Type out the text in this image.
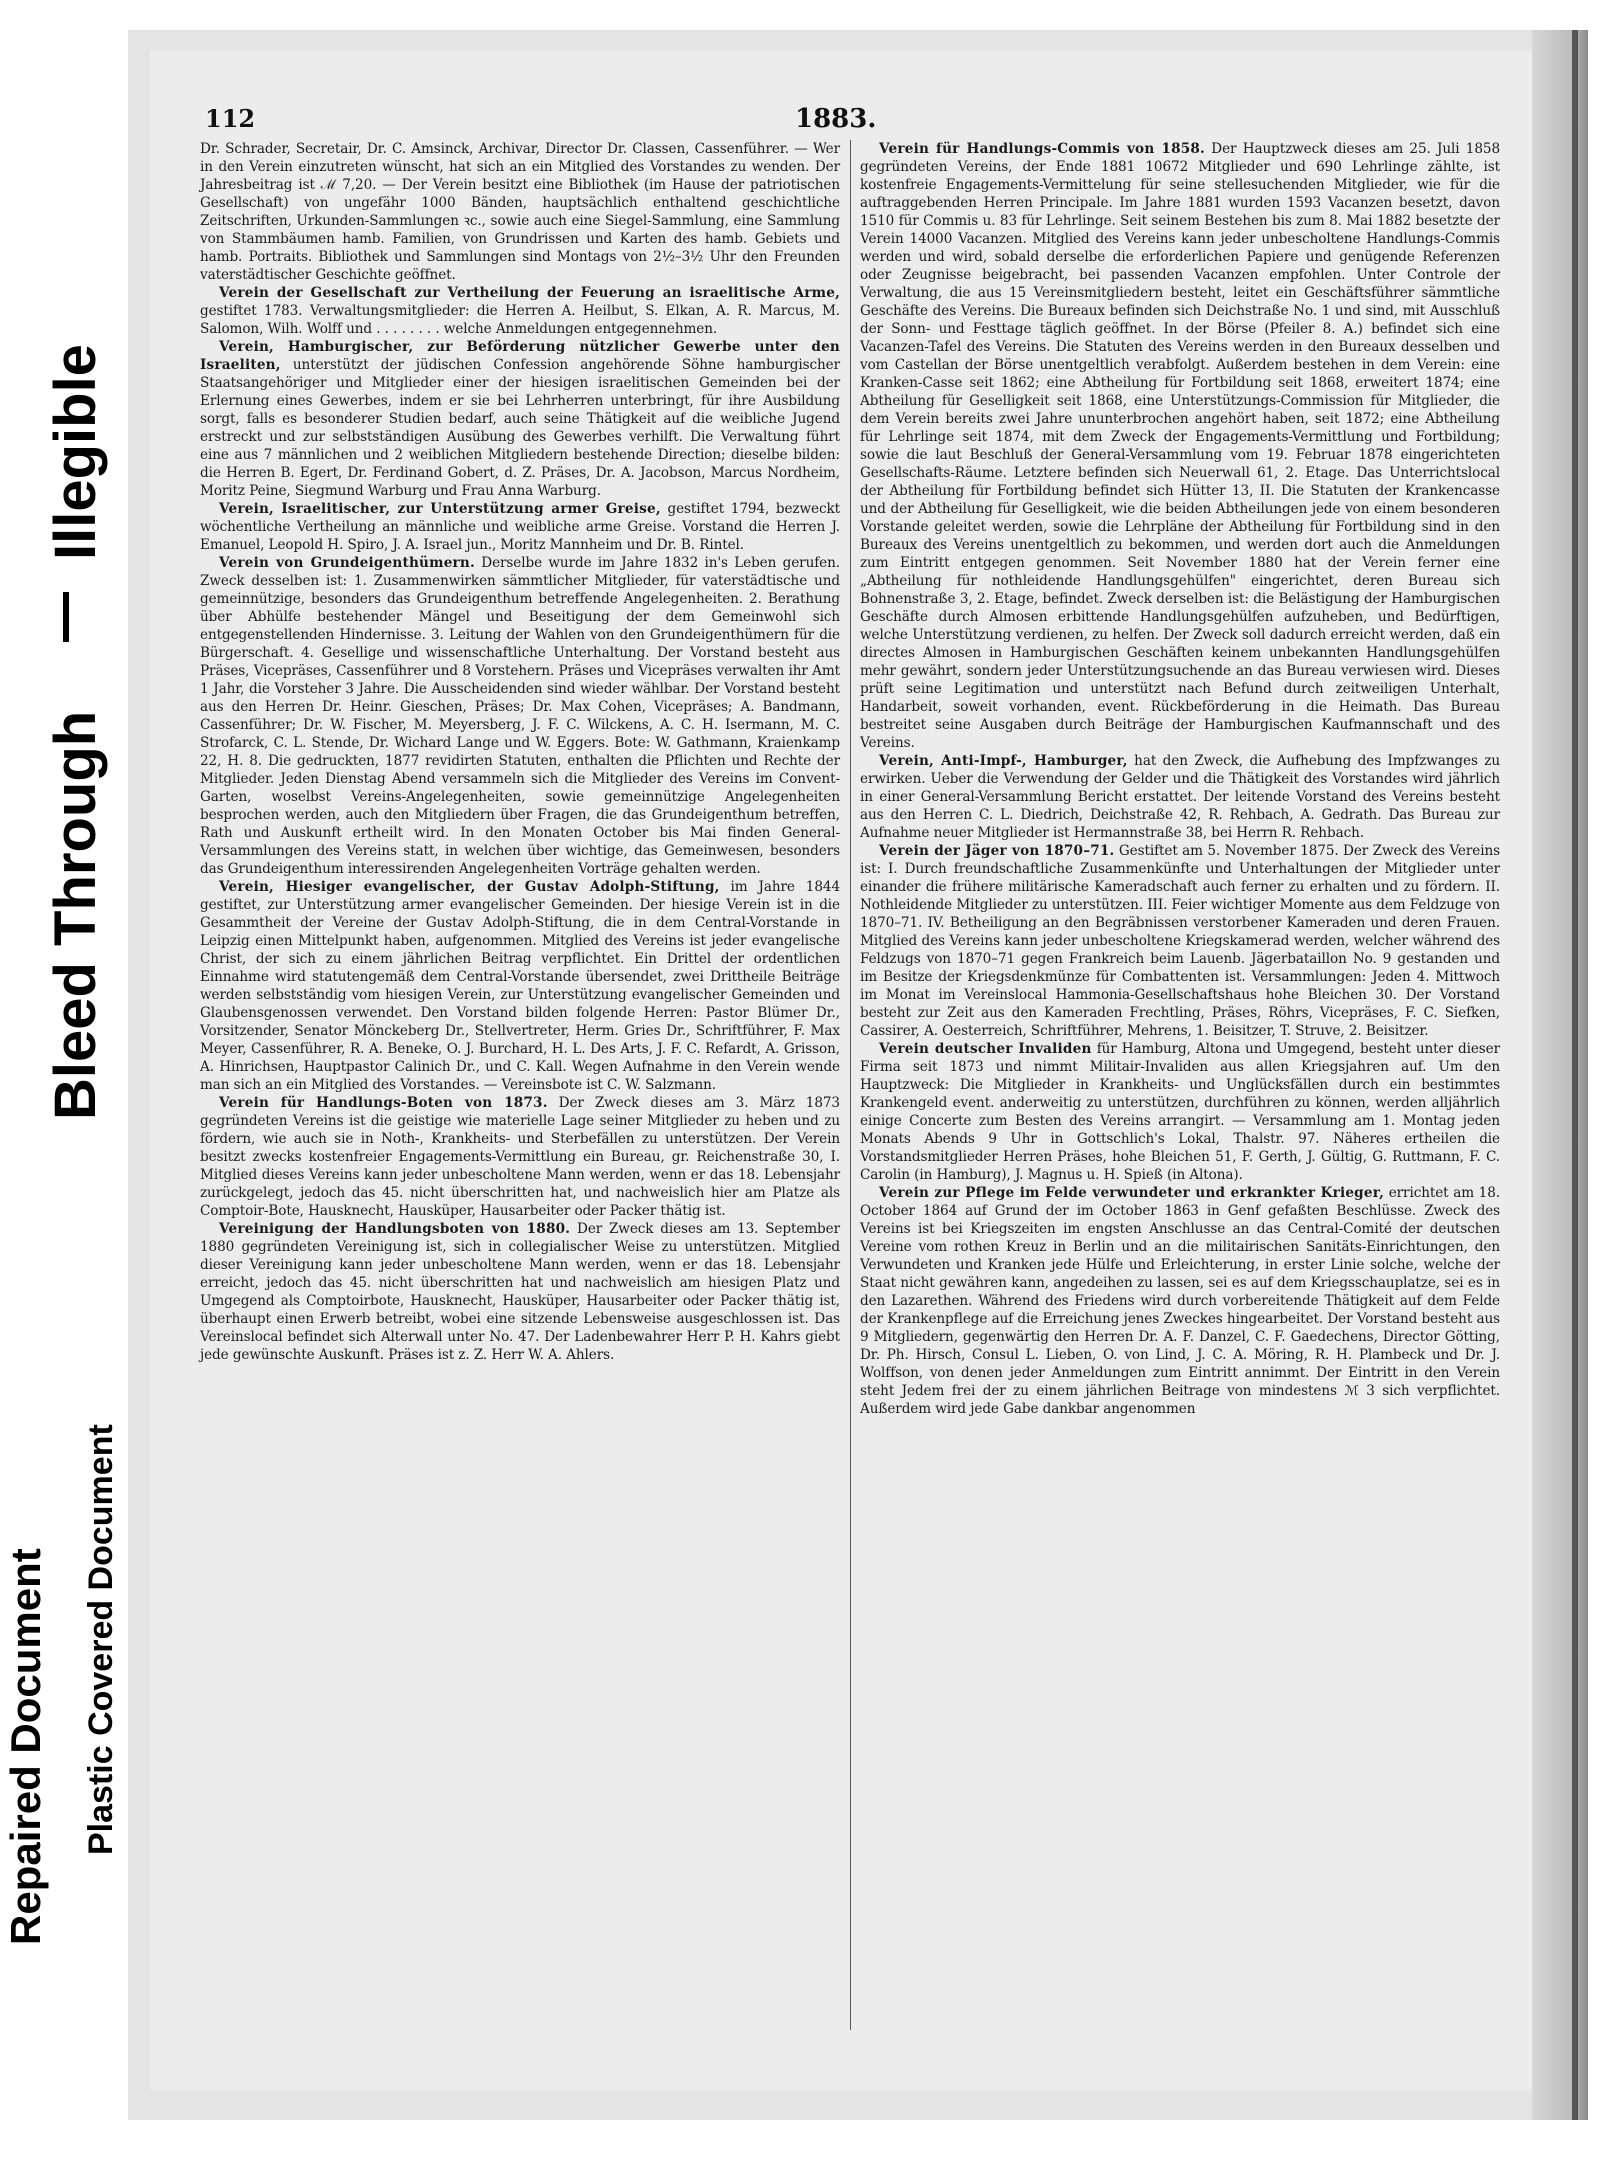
Illegible
Bleed Through
Repaired Document Plastic Covered Document
112	1883.

Dr. Schrader, Secretair, Dr. C. Amsinck, Archivar, Director Dr. Classen, Cassenführer. — Wer in den Verein einzutreten wünscht, hat sich an ein Mitglied des Vorstandes zu wenden. Der Jahresbeitrag ist ℳ 7,20. — Der Verein besitzt eine Bibliothek (im Hause der patriotischen Gesellschaft) von ungefähr 1000 Bänden, hauptsächlich enthaltend geschichtliche Zeitschriften, Urkunden-Sammlungen ꝛc., sowie auch eine Siegel-Sammlung, eine Sammlung von Stammbäumen hamb. Familien, von Grundrissen und Karten des hamb. Gebiets und hamb. Portraits. Bibliothek und Sammlungen sind Montags von 2½–3½ Uhr den Freunden vaterstädtischer Geschichte geöffnet.

Verein der Gesellschaft zur Vertheilung der Feuerung an israelitische Arme, gestiftet 1783. Verwaltungsmitglieder: die Herren A. Heilbut, S. Elkan, A. R. Marcus, M. Salomon, Wilh. Wolff und . . . . . . . . welche Anmeldungen entgegennehmen.

Verein, Hamburgischer, zur Beförderung nützlicher Gewerbe unter den Israeliten, unterstützt der jüdischen Confession angehörende Söhne hamburgischer Staatsangehöriger und Mitglieder einer der hiesigen israelitischen Gemeinden bei der Erlernung eines Gewerbes, indem er sie bei Lehrherren unterbringt, für ihre Ausbildung sorgt, falls es besonderer Studien bedarf, auch seine Thätigkeit auf die weibliche Jugend erstreckt und zur selbstständigen Ausübung des Gewerbes verhilft. Die Verwaltung führt eine aus 7 männlichen und 2 weiblichen Mitgliedern bestehende Direction; dieselbe bilden: die Herren B. Egert, Dr. Ferdinand Gobert, d. Z. Präses, Dr. A. Jacobson, Marcus Nordheim, Moritz Peine, Siegmund Warburg und Frau Anna Warburg.

Verein, Israelitischer, zur Unterstützung armer Greise, gestiftet 1794, bezweckt wöchentliche Vertheilung an männliche und weibliche arme Greise. Vorstand die Herren J. Emanuel, Leopold H. Spiro, J. A. Israel jun., Moritz Mannheim und Dr. B. Rintel.

Verein von Grundeigenthümern. Derselbe wurde im Jahre 1832 in's Leben gerufen. Zweck desselben ist: 1. Zusammenwirken sämmtlicher Mitglieder, für vaterstädtische und gemeinnützige, besonders das Grundeigenthum betreffende Angelegenheiten. 2. Berathung über Abhülfe bestehender Mängel und Beseitigung der dem Gemeinwohl sich entgegenstellenden Hindernisse. 3. Leitung der Wahlen von den Grundeigenthümern für die Bürgerschaft. 4. Gesellige und wissenschaftliche Unterhaltung. Der Vorstand besteht aus Präses, Vicepräses, Cassenführer und 8 Vorstehern. Präses und Vicepräses verwalten ihr Amt 1 Jahr, die Vorsteher 3 Jahre. Die Ausscheidenden sind wieder wählbar. Der Vorstand besteht aus den Herren Dr. Heinr. Gieschen, Präses; Dr. Max Cohen, Vicepräses; A. Bandmann, Cassenführer; Dr. W. Fischer, M. Meyersberg, J. F. C. Wilckens, A. C. H. Isermann, M. C. Strofarck, C. L. Stende, Dr. Wichard Lange und W. Eggers. Bote: W. Gathmann, Kraienkamp 22, H. 8. Die gedruckten, 1877 revidirten Statuten, enthalten die Pflichten und Rechte der Mitglieder. Jeden Dienstag Abend versammeln sich die Mitglieder des Vereins im Convent-Garten, woselbst Vereins-Angelegenheiten, sowie gemeinnützige Angelegenheiten besprochen werden, auch den Mitgliedern über Fragen, die das Grundeigenthum betreffen, Rath und Auskunft ertheilt wird. In den Monaten October bis Mai finden General-Versammlungen des Vereins statt, in welchen über wichtige, das Gemeinwesen, besonders das Grundeigenthum interessirenden Angelegenheiten Vorträge gehalten werden.

Verein, Hiesiger evangelischer, der Gustav Adolph-Stiftung, im Jahre 1844 gestiftet, zur Unterstützung armer evangelischer Gemeinden. Der hiesige Verein ist in die Gesammtheit der Vereine der Gustav Adolph-Stiftung, die in dem Central-Vorstande in Leipzig einen Mittelpunkt haben, aufgenommen. Mitglied des Vereins ist jeder evangelische Christ, der sich zu einem jährlichen Beitrag verpflichtet. Ein Drittel der ordentlichen Einnahme wird statutengemäß dem Central-Vorstande übersendet, zwei Drittheile Beiträge werden selbstständig vom hiesigen Verein, zur Unterstützung evangelischer Gemeinden und Glaubensgenossen verwendet. Den Vorstand bilden folgende Herren: Pastor Blümer Dr., Vorsitzender, Senator Mönckeberg Dr., Stellvertreter, Herm. Gries Dr., Schriftführer, F. Max Meyer, Cassenführer, R. A. Beneke, O. J. Burchard, H. L. Des Arts, J. F. C. Refardt, A. Grisson, A. Hinrichsen, Hauptpastor Calinich Dr., und C. Kall. Wegen Aufnahme in den Verein wende man sich an ein Mitglied des Vorstandes. — Vereinsbote ist C. W. Salzmann.

Verein für Handlungs-Boten von 1873. Der Zweck dieses am 3. März 1873 gegründeten Vereins ist die geistige wie materielle Lage seiner Mitglieder zu heben und zu fördern, wie auch sie in Noth-, Krankheits- und Sterbefällen zu unterstützen. Der Verein besitzt zwecks kostenfreier Engagements-Vermittlung ein Bureau, gr. Reichenstraße 30, I. Mitglied dieses Vereins kann jeder unbescholtene Mann werden, wenn er das 18. Lebensjahr zurückgelegt, jedoch das 45. nicht überschritten hat, und nachweislich hier am Platze als Comptoir-Bote, Hausknecht, Hausküper, Hausarbeiter oder Packer thätig ist.

Vereinigung der Handlungsboten von 1880. Der Zweck dieses am 13. September 1880 gegründeten Vereinigung ist, sich in collegialischer Weise zu unterstützen. Mitglied dieser Vereinigung kann jeder unbescholtene Mann werden, wenn er das 18. Lebensjahr erreicht, jedoch das 45. nicht überschritten hat und nachweislich am hiesigen Platz und Umgegend als Comptoirbote, Hausknecht, Hausküper, Hausarbeiter oder Packer thätig ist, überhaupt einen Erwerb betreibt, wobei eine sitzende Lebensweise ausgeschlossen ist. Das Vereinslocal befindet sich Alterwall unter No. 47. Der Ladenbewahrer Herr P. H. Kahrs giebt jede gewünschte Auskunft. Präses ist z. Z. Herr W. A. Ahlers.

Verein für Handlungs-Commis von 1858. Der Hauptzweck dieses am 25. Juli 1858 gegründeten Vereins, der Ende 1881 10672 Mitglieder und 690 Lehrlinge zählte, ist kostenfreie Engagements-Vermittelung für seine stellesuchenden Mitglieder, wie für die auftraggebenden Herren Principale. Im Jahre 1881 wurden 1593 Vacanzen besetzt, davon 1510 für Commis u. 83 für Lehrlinge. Seit seinem Bestehen bis zum 8. Mai 1882 besetzte der Verein 14000 Vacanzen. Mitglied des Vereins kann jeder unbescholtene Handlungs-Commis werden und wird, sobald derselbe die erforderlichen Papiere und genügende Referenzen oder Zeugnisse beigebracht, bei passenden Vacanzen empfohlen. Unter Controle der Verwaltung, die aus 15 Vereinsmitgliedern besteht, leitet ein Geschäftsführer sämmtliche Geschäfte des Vereins. Die Bureaux befinden sich Deichstraße No. 1 und sind, mit Ausschluß der Sonn- und Festtage täglich geöffnet. In der Börse (Pfeiler 8. A.) befindet sich eine Vacanzen-Tafel des Vereins. Die Statuten des Vereins werden in den Bureaux desselben und vom Castellan der Börse unentgeltlich verabfolgt. Außerdem bestehen in dem Verein: eine Kranken-Casse seit 1862; eine Abtheilung für Fortbildung seit 1868, erweitert 1874; eine Abtheilung für Geselligkeit seit 1868, eine Unterstützungs-Commission für Mitglieder, die dem Verein bereits zwei Jahre ununterbrochen angehört haben, seit 1872; eine Abtheilung für Lehrlinge seit 1874, mit dem Zweck der Engagements-Vermittlung und Fortbildung; sowie die laut Beschluß der General-Versammlung vom 19. Februar 1878 eingerichteten Gesellschafts-Räume. Letztere befinden sich Neuerwall 61, 2. Etage. Das Unterrichtslocal der Abtheilung für Fortbildung befindet sich Hütter 13, II. Die Statuten der Krankencasse und der Abtheilung für Geselligkeit, wie die beiden Abtheilungen jede von einem besonderen Vorstande geleitet werden, sowie die Lehrpläne der Abtheilung für Fortbildung sind in den Bureaux des Vereins unentgeltlich zu bekommen, und werden dort auch die Anmeldungen zum Eintritt entgegen genommen. Seit November 1880 hat der Verein ferner eine „Abtheilung für nothleidende Handlungsgehülfen" eingerichtet, deren Bureau sich Bohnenstraße 3, 2. Etage, befindet. Zweck derselben ist: die Belästigung der Hamburgischen Geschäfte durch Almosen erbittende Handlungsgehülfen aufzuheben, und Bedürftigen, welche Unterstützung verdienen, zu helfen. Der Zweck soll dadurch erreicht werden, daß ein directes Almosen in Hamburgischen Geschäften keinem unbekannten Handlungsgehülfen mehr gewährt, sondern jeder Unterstützungsuchende an das Bureau verwiesen wird. Dieses prüft seine Legitimation und unterstützt nach Befund durch zeitweiligen Unterhalt, Handarbeit, soweit vorhanden, event. Rückbeförderung in die Heimath. Das Bureau bestreitet seine Ausgaben durch Beiträge der Hamburgischen Kaufmannschaft und des Vereins.

Verein, Anti-Impf-, Hamburger, hat den Zweck, die Aufhebung des Impfzwanges zu erwirken. Ueber die Verwendung der Gelder und die Thätigkeit des Vorstandes wird jährlich in einer General-Versammlung Bericht erstattet. Der leitende Vorstand des Vereins besteht aus den Herren C. L. Diedrich, Deichstraße 42, R. Rehbach, A. Gedrath. Das Bureau zur Aufnahme neuer Mitglieder ist Hermannstraße 38, bei Herrn R. Rehbach.

Verein der Jäger von 1870–71. Gestiftet am 5. November 1875. Der Zweck des Vereins ist: I. Durch freundschaftliche Zusammenkünfte und Unterhaltungen der Mitglieder unter einander die frühere militärische Kameradschaft auch ferner zu erhalten und zu fördern. II. Nothleidende Mitglieder zu unterstützen. III. Feier wichtiger Momente aus dem Feldzuge von 1870–71. IV. Betheiligung an den Begräbnissen verstorbener Kameraden und deren Frauen. Mitglied des Vereins kann jeder unbescholtene Kriegskamerad werden, welcher während des Feldzugs von 1870–71 gegen Frankreich beim Lauenb. Jägerbataillon No. 9 gestanden und im Besitze der Kriegsdenkmünze für Combattenten ist. Versammlungen: Jeden 4. Mittwoch im Monat im Vereinslocal Hammonia-Gesellschaftshaus hohe Bleichen 30. Der Vorstand besteht zur Zeit aus den Kameraden Frechtling, Präses, Röhrs, Vicepräses, F. C. Siefken, Cassirer, A. Oesterreich, Schriftführer, Mehrens, 1. Beisitzer, T. Struve, 2. Beisitzer.

Verein deutscher Invaliden für Hamburg, Altona und Umgegend, besteht unter dieser Firma seit 1873 und nimmt Militair-Invaliden aus allen Kriegsjahren auf. Um den Hauptzweck: Die Mitglieder in Krankheits- und Unglücksfällen durch ein bestimmtes Krankengeld event. anderweitig zu unterstützen, durchführen zu können, werden alljährlich einige Concerte zum Besten des Vereins arrangirt. — Versammlung am 1. Montag jeden Monats Abends 9 Uhr in Gottschlich's Lokal, Thalstr. 97. Näheres ertheilen die Vorstandsmitglieder Herren Präses, hohe Bleichen 51, F. Gerth, J. Gültig, G. Ruttmann, F. C. Carolin (in Hamburg), J. Magnus u. H. Spieß (in Altona).

Verein zur Pflege im Felde verwundeter und erkrankter Krieger, errichtet am 18. October 1864 auf Grund der im October 1863 in Genf gefaßten Beschlüsse. Zweck des Vereins ist bei Kriegszeiten im engsten Anschlusse an das Central-Comité der deutschen Vereine vom rothen Kreuz in Berlin und an die militairischen Sanitäts-Einrichtungen, den Verwundeten und Kranken jede Hülfe und Erleichterung, in erster Linie solche, welche der Staat nicht gewähren kann, angedeihen zu lassen, sei es auf dem Kriegsschauplatze, sei es in den Lazarethen. Während des Friedens wird durch vorbereitende Thätigkeit auf dem Felde der Krankenpflege auf die Erreichung jenes Zweckes hingearbeitet. Der Vorstand besteht aus 9 Mitgliedern, gegenwärtig den Herren Dr. A. F. Danzel, C. F. Gaedechens, Director Götting, Dr. Ph. Hirsch, Consul L. Lieben, O. von Lind, J. C. A. Möring, R. H. Plambeck und Dr. J. Wolffson, von denen jeder Anmeldungen zum Eintritt annimmt. Der Eintritt in den Verein steht Jedem frei der zu einem jährlichen Beitrage von mindestens ℳ 3 sich verpflichtet. Außerdem wird jede Gabe dankbar angenommen
